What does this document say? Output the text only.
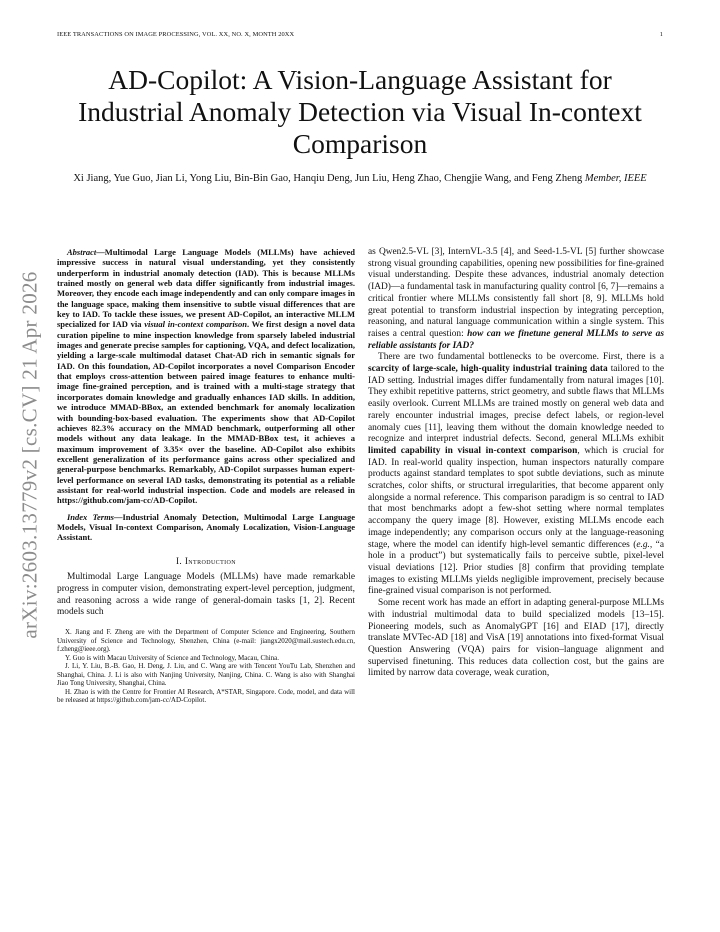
IEEE TRANSACTIONS ON IMAGE PROCESSING, VOL. XX, NO. X, MONTH 20XX	1
arXiv:2603.13779v2 [cs.CV] 21 Apr 2026
AD-Copilot: A Vision-Language Assistant for Industrial Anomaly Detection via Visual In-context Comparison
Xi Jiang, Yue Guo, Jian Li, Yong Liu, Bin-Bin Gao, Hanqiu Deng, Jun Liu, Heng Zhao, Chengjie Wang, and Feng Zheng Member, IEEE

Abstract—Multimodal Large Language Models (MLLMs) have achieved impressive success in natural visual understanding, yet they consistently underperform in industrial anomaly detection (IAD). This is because MLLMs trained mostly on general web data differ significantly from industrial images. Moreover, they encode each image independently and can only compare images in the language space, making them insensitive to subtle visual differences that are key to IAD. To tackle these issues, we present AD-Copilot, an interactive MLLM specialized for IAD via visual in-context comparison. We first design a novel data curation pipeline to mine inspection knowledge from sparsely labeled industrial images and generate precise samples for captioning, VQA, and defect localization, yielding a large-scale multimodal dataset Chat-AD rich in semantic signals for IAD. On this foundation, AD-Copilot incorporates a novel Comparison Encoder that employs cross-attention between paired image features to enhance multi-image fine-grained perception, and is trained with a multi-stage strategy that incorporates domain knowledge and gradually enhances IAD skills. In addition, we introduce MMAD-BBox, an extended benchmark for anomaly localization with bounding-box-based evaluation. The experiments show that AD-Copilot achieves 82.3% accuracy on the MMAD benchmark, outperforming all other models without any data leakage. In the MMAD-BBox test, it achieves a maximum improvement of 3.35× over the baseline. AD-Copilot also exhibits excellent generalization of its performance gains across other specialized and general-purpose benchmarks. Remarkably, AD-Copilot surpasses human expert-level performance on several IAD tasks, demonstrating its potential as a reliable assistant for real-world industrial inspection. Code and models are released in https://github.com/jam-cc/AD-Copilot.

Index Terms—Industrial Anomaly Detection, Multimodal Large Language Models, Visual In-context Comparison, Anomaly Localization, Vision-Language Assistant.

I. Introduction

Multimodal Large Language Models (MLLMs) have made remarkable progress in computer vision, demonstrating expert-level perception, judgment, and reasoning across a wide range of general-domain tasks [1, 2]. Recent models such

X. Jiang and F. Zheng are with the Department of Computer Science and Engineering, Southern University of Science and Technology, Shenzhen, China (e-mail: jiangx2020@mail.sustech.edu.cn, f.zheng@ieee.org).

Y. Guo is with Macau University of Science and Technology, Macau, China.

J. Li, Y. Liu, B.-B. Gao, H. Deng, J. Liu, and C. Wang are with Tencent YouTu Lab, Shenzhen and Shanghai, China. J. Li is also with Nanjing University, Nanjing, China. C. Wang is also with Shanghai Jiao Tong University, Shanghai, China.

H. Zhao is with the Centre for Frontier AI Research, A*STAR, Singapore. Code, model, and data will be released at https://github.com/jam-cc/AD-Copilot.

as Qwen2.5-VL [3], InternVL-3.5 [4], and Seed-1.5-VL [5] further showcase strong visual grounding capabilities, opening new possibilities for fine-grained visual understanding. Despite these advances, industrial anomaly detection (IAD)—a fundamental task in manufacturing quality control [6, 7]—remains a critical frontier where MLLMs consistently fall short [8, 9]. MLLMs hold great potential to transform industrial inspection by integrating perception, reasoning, and natural language communication within a single system. This raises a central question: how can we finetune general MLLMs to serve as reliable assistants for IAD?

There are two fundamental bottlenecks to be overcome. First, there is a scarcity of large-scale, high-quality industrial training data tailored to the IAD setting. Industrial images differ fundamentally from natural images [10]. They exhibit repetitive patterns, strict geometry, and subtle flaws that MLLMs easily overlook. Current MLLMs are trained mostly on general web data and rarely encounter industrial images, precise defect labels, or region-level anomaly cues [11], leaving them without the domain knowledge needed to recognize and interpret industrial defects. Second, general MLLMs exhibit limited capability in visual in-context comparison, which is crucial for IAD. In real-world quality inspection, human inspectors naturally compare products against standard templates to spot subtle deviations, such as minute scratches, color shifts, or structural irregularities, that become apparent only alongside a normal reference. This comparison paradigm is so central to IAD that most benchmarks adopt a few-shot setting where normal templates accompany the query image [8]. However, existing MLLMs encode each image independently; any comparison occurs only at the language-reasoning stage, where the model can identify high-level semantic differences (e.g., “a hole in a product”) but systematically fails to perceive subtle, pixel-level visual deviations [12]. Prior studies [8] confirm that providing template images to existing MLLMs yields negligible improvement, precisely because fine-grained visual comparison is not performed.

Some recent work has made an effort in adapting general-purpose MLLMs with industrial multimodal data to build specialized models [13–15]. Pioneering models, such as AnomalyGPT [16] and EIAD [17], directly translate MVTec-AD [18] and VisA [19] annotations into fixed-format Visual Question Answering (VQA) pairs for vision–language alignment and supervised finetuning. This reduces data collection cost, but the gains are limited by narrow data coverage, weak curation,
